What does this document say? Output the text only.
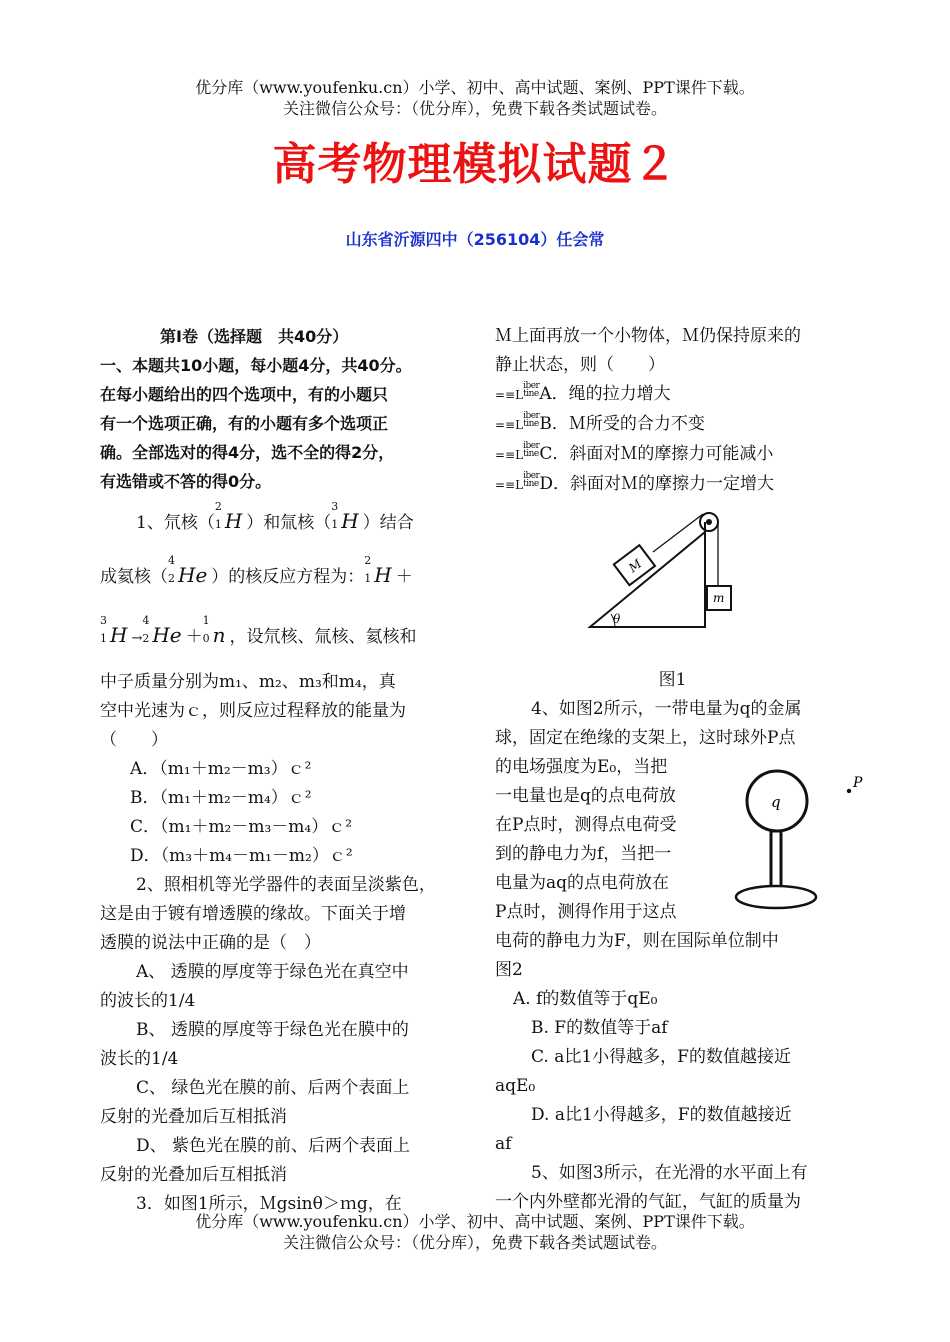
优分库（www.youfenku.cn）小学、初中、高中试题、案例、PPT课件下载。
关注微信公众号：（优分库），免费下载各类试题试卷。
高考物理模拟试题２
山东省沂源四中（256104）任会常
第Ⅰ卷（选择题　共40分）
一、本题共10小题，每小题4分，共40分。
在每小题给出的四个选项中，有的小题只
有一个选项正确，有的小题有多个选项正
确。全部选对的得4分，选不全的得2分，
有选错或不答的得0分。
1、氘核（
2
1 H ）和氚核（
3
1 H ）结合
成氦核（
4
2 He ）的核反应方程为：
2
1 H ＋
3
1 H →
4
2 He ＋
1
0 n ，设氘核、氚核、氦核和
中子质量分别为m₁、m₂、m₃和m₄，真
空中光速为ｃ，则反应过程释放的能量为
（　　）
A．（m₁＋m₂－m₃）ｃ²
B．（m₁＋m₂－m₄）ｃ²
C．（m₁＋m₂－m₃－m₄）ｃ²
D．（m₃＋m₄－m₁－m₂）ｃ²
2、照相机等光学器件的表面呈淡紫色，
这是由于镀有增透膜的缘故。下面关于增
透膜的说法中正确的是（　）
A、 透膜的厚度等于绿色光在真空中
的波长的1/4
B、 透膜的厚度等于绿色光在膜中的
波长的1/4
C、 绿色光在膜的前、后两个表面上
反射的光叠加后互相抵消
D、 紫色光在膜的前、后两个表面上
反射的光叠加后互相抵消
3．如图1所示，Ｍgsinθ＞ｍg，在
Ｍ上面再放一个小物体，Ｍ仍保持原来的
静止状态，则（　　）
=≡Liber
tineA．绳的拉力增大
=≡Liber
tineB．Ｍ所受的合力不变
=≡Liber
tineC．斜面对Ｍ的摩擦力可能减小
=≡Liber
tineD．斜面对Ｍ的摩擦力一定增大
θ
M
m
图1
4、如图2所示，一带电量为q的金属
球，固定在绝缘的支架上，这时球外P点
的电场强度为E₀，当把
一电量也是q的点电荷放
在P点时，测得点电荷受
到的静电力为f，当把一
电量为aq的点电荷放在
P点时，测得作用于这点
q
P
电荷的静电力为F，则在国际单位制中
图2
A. f的数值等于qE₀
B. F的数值等于af
C. a比1小得越多，F的数值越接近
aqE₀
D. a比1小得越多，F的数值越接近
af
5、如图3所示，在光滑的水平面上有
一个内外壁都光滑的气缸，气缸的质量为
优分库（www.youfenku.cn）小学、初中、高中试题、案例、PPT课件下载。
关注微信公众号：（优分库），免费下载各类试题试卷。
